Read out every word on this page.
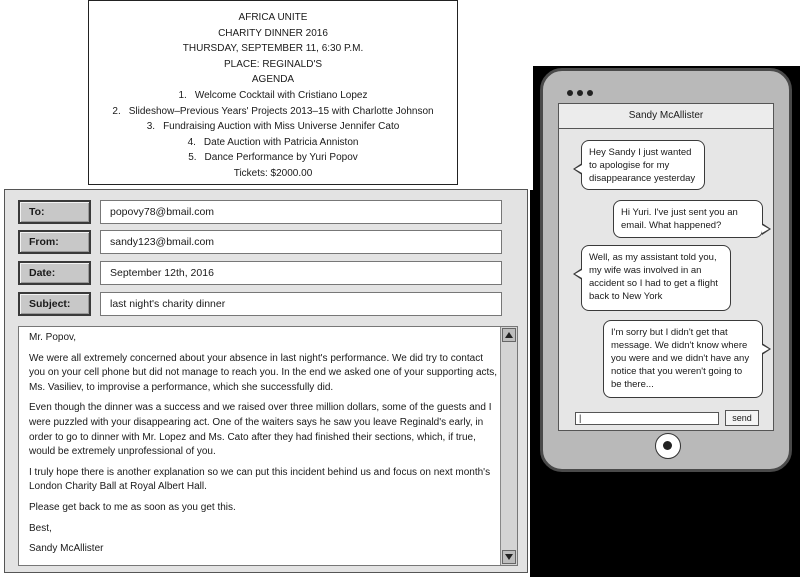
AFRICA UNITE
CHARITY DINNER 2016
THURSDAY, SEPTEMBER 11, 6:30 P.M.
PLACE: REGINALD'S
AGENDA
1. Welcome Cocktail with Cristiano Lopez
2. Slideshow–Previous Years' Projects 2013–15 with Charlotte Johnson
3. Fundraising Auction with Miss Universe Jennifer Cato
4. Date Auction with Patricia Anniston
5. Dance Performance by Yuri Popov
Tickets: $2000.00
To:	popovy78@bmail.com
From:	sandy123@bmail.com
Date:	September 12th, 2016
Subject:	last night's charity dinner

Mr. Popov,

We were all extremely concerned about your absence in last night's performance. We did try to contact you on your cell phone but did not manage to reach you. In the end we asked one of your supporting acts, Ms. Vasiliev, to improvise a performance, which she successfully did.

Even though the dinner was a success and we raised over three million dollars, some of the guests and I were puzzled with your disappearing act. One of the waiters says he saw you leave Reginald's early, in order to go to dinner with Mr. Lopez and Ms. Cato after they had finished their sections, which, if true, would be extremely unprofessional of you.

I truly hope there is another explanation so we can put this incident behind us and focus on next month's London Charity Ball at Royal Albert Hall.

Please get back to me as soon as you get this.

Best,

Sandy McAllister

Sandy McAllister
Hey Sandy I just wanted to apologise for my disappearance yesterday
Hi Yuri. I've just sent you an email. What happened?
Well, as my assistant told you, my wife was involved in an accident so I had to get a flight back to New York
I'm sorry but I didn't get that message. We didn't know where you were and we didn't have any notice that you weren't going to be there...
|	send
